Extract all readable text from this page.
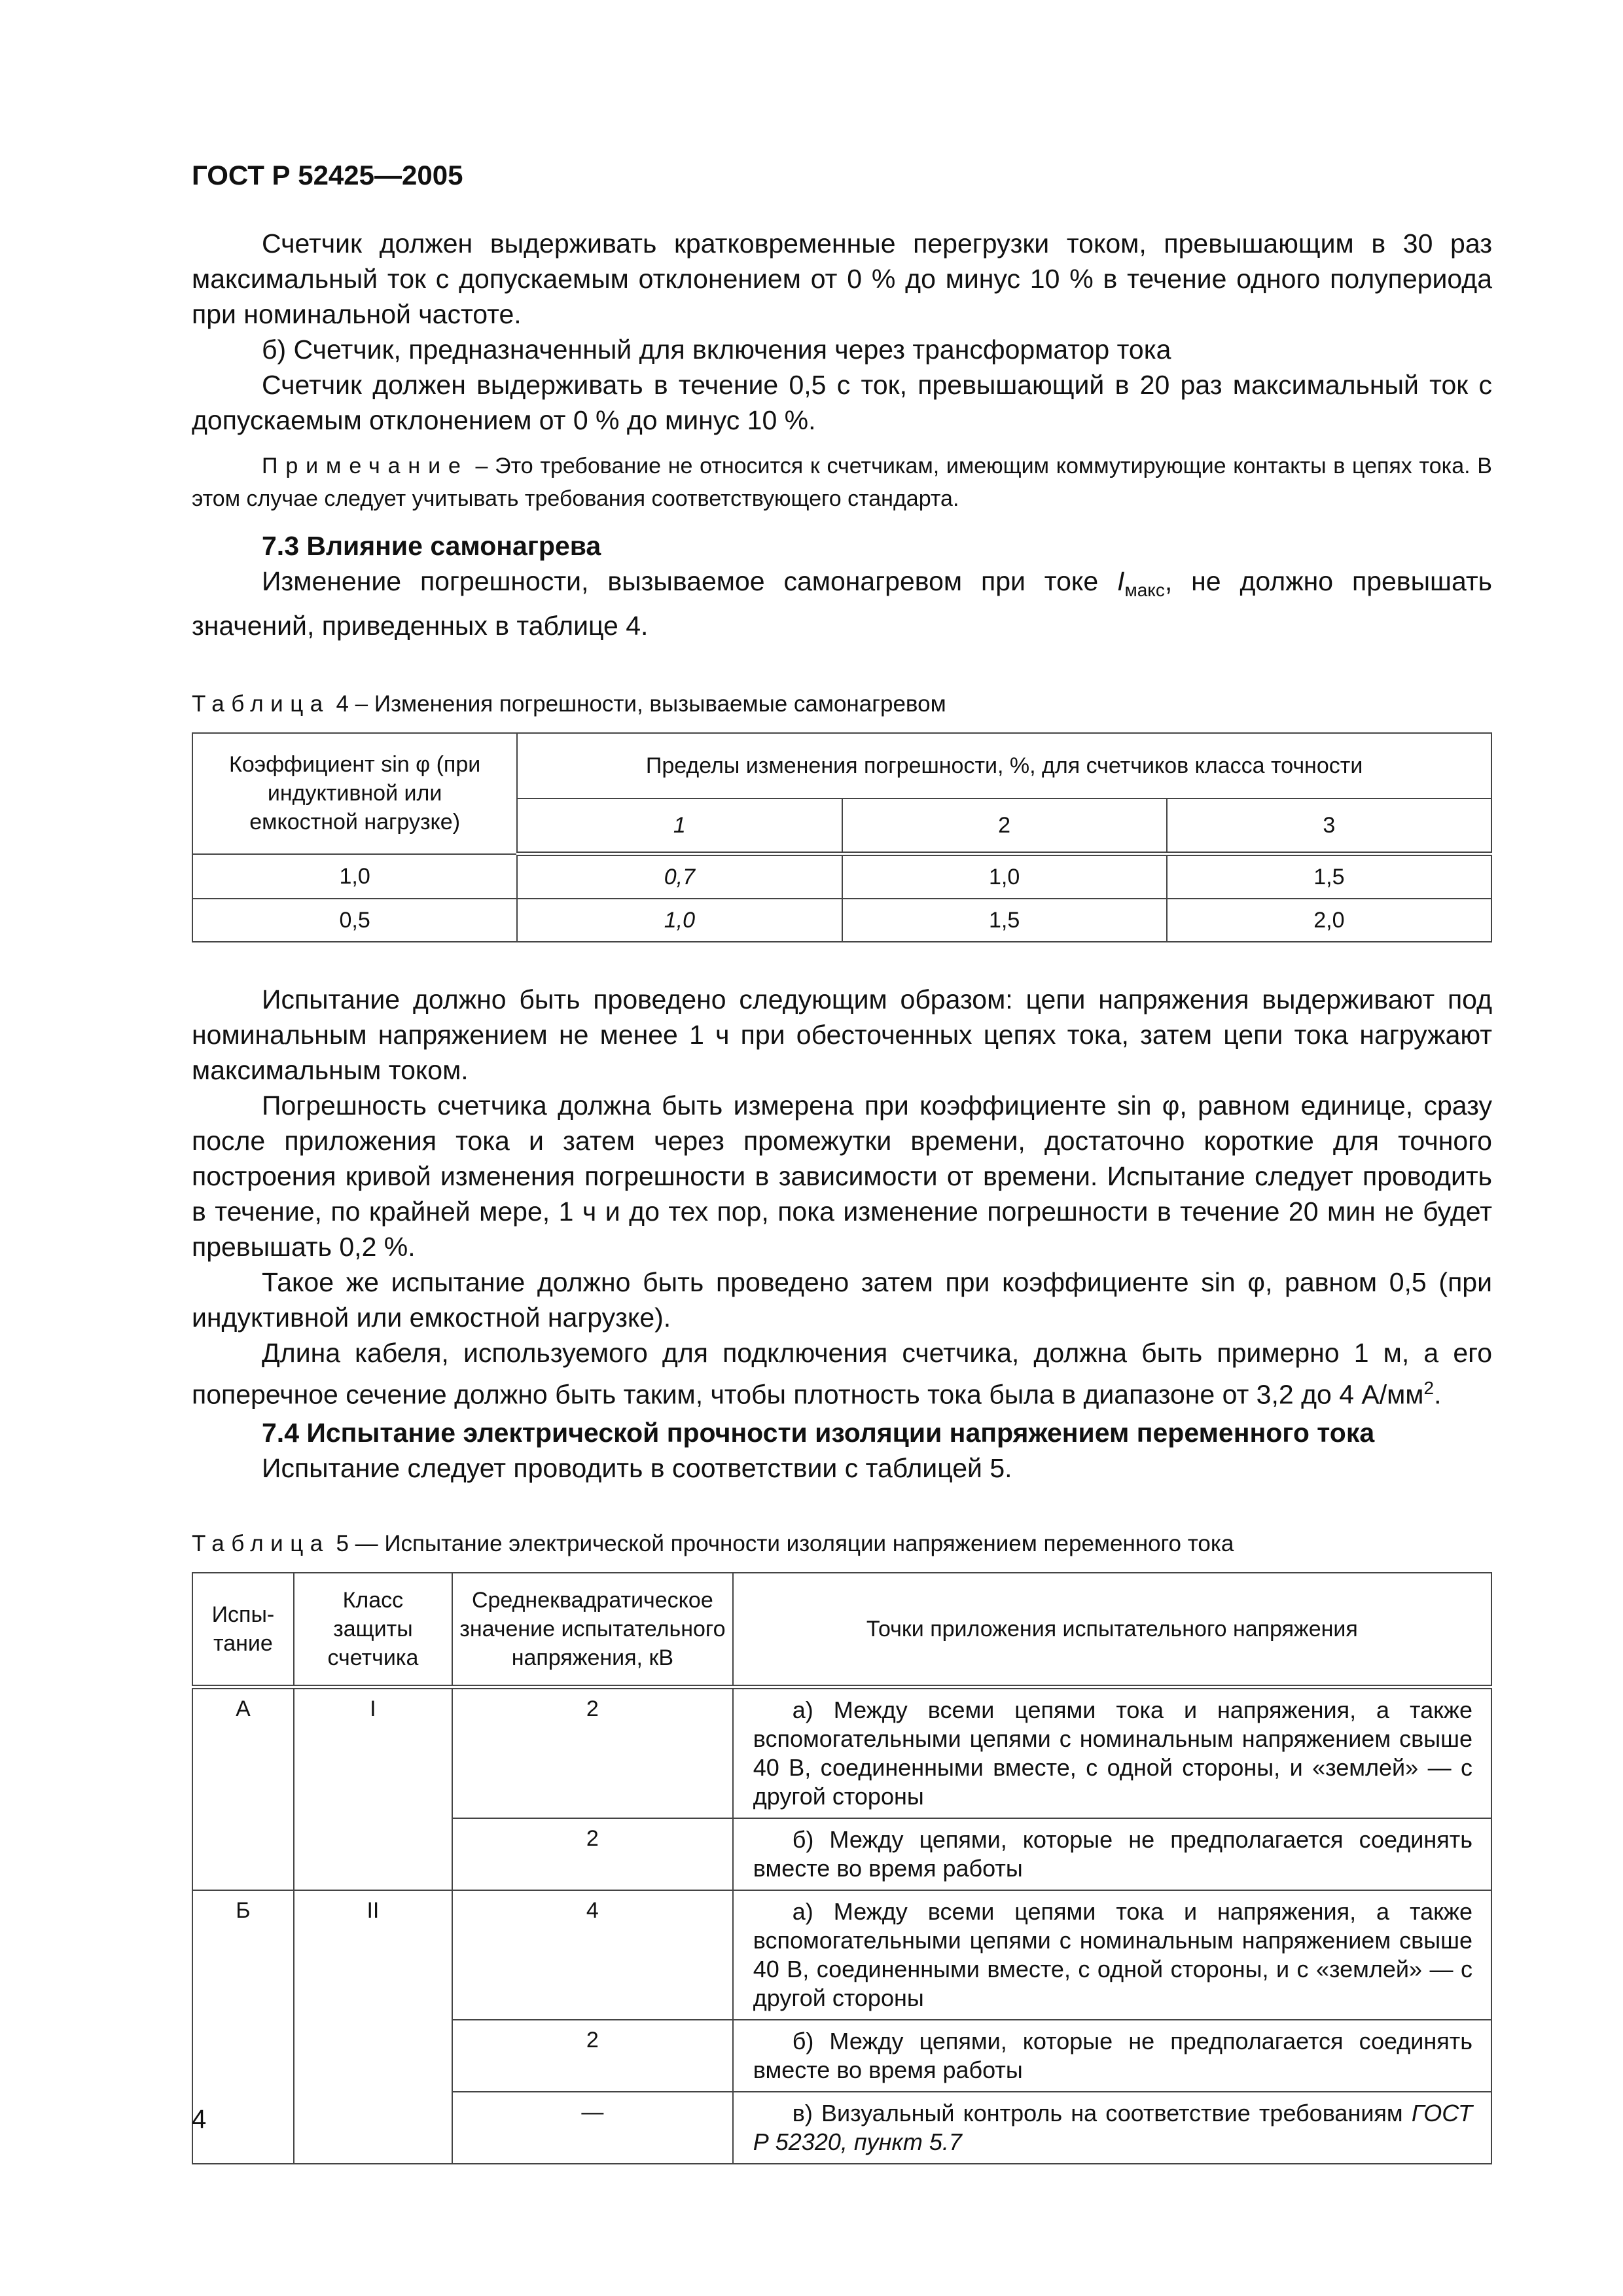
ГОСТ Р 52425—2005

Счетчик должен выдерживать кратковременные перегрузки током, превышающим в 30 раз максимальный ток с допускаемым отклонением от 0 % до минус 10 % в течение одного полупериода при номинальной частоте.

б) Счетчик, предназначенный для включения через трансформатор тока

Счетчик должен выдерживать в течение 0,5 с ток, превышающий в 20 раз максимальный ток с допускаемым отклонением от 0 % до минус 10 %.

Примечание – Это требование не относится к счетчикам, имеющим коммутирующие контакты в цепях тока. В этом случае следует учитывать требования соответствующего стандарта.

7.3 Влияние самонагрева

Изменение погрешности, вызываемое самонагревом при токе $I_{макс}$, не должно превышать значений, приведенных в таблице 4.

Таблица 4 – Изменения погрешности, вызываемые самонагревом
Коэффициент sin φ (при индуктивной или емкостной нагрузке)	Пределы изменения погрешности, %, для счетчиков класса точности		
	1	2	3
1,0	0,7	1,0	1,5
0,5	1,0	1,5	2,0

Испытание должно быть проведено следующим образом: цепи напряжения выдерживают под номинальным напряжением не менее 1 ч при обесточенных цепях тока, затем цепи тока нагружают максимальным током.

Погрешность счетчика должна быть измерена при коэффициенте sin φ, равном единице, сразу после приложения тока и затем через промежутки времени, достаточно короткие для точного построения кривой изменения погрешности в зависимости от времени. Испытание следует проводить в течение, по крайней мере, 1 ч и до тех пор, пока изменение погрешности в течение 20 мин не будет превышать 0,2 %.

Такое же испытание должно быть проведено затем при коэффициенте sin φ, равном 0,5 (при индуктивной или емкостной нагрузке).

Длина кабеля, используемого для подключения счетчика, должна быть примерно 1 м, а его поперечное сечение должно быть таким, чтобы плотность тока была в диапазоне от 3,2 до 4 $А/мм^2$.

7.4 Испытание электрической прочности изоляции напряжением переменного тока

Испытание следует проводить в соответствии с таблицей 5.

Таблица 5 — Испытание электрической прочности изоляции напряжением переменного тока
Испы-
тание	Класс защиты счетчика	Среднеквадратическое значение испытательного напряжения, кВ	Точки приложения испытательного напряжения
А	I	2	а) Между всеми цепями тока и напряжения, а также вспомогательными цепями с номинальным напряжением свыше 40 В, соединенными вместе, с одной стороны, и «землей» — с другой стороны

		2	б) Между цепями, которые не предполагается соединять вместе во время работы

Б	II	4	а) Между всеми цепями тока и напряжения, а также вспомогательными цепями с номинальным напряжением свыше 40 В, соединенными вместе, с одной стороны, и с «землей» — с другой стороны

		2	б) Между цепями, которые не предполагается соединять вместе во время работы

		—	в) Визуальный контроль на соответствие требованиям ГОСТ Р 52320, пункт 5.7
4
